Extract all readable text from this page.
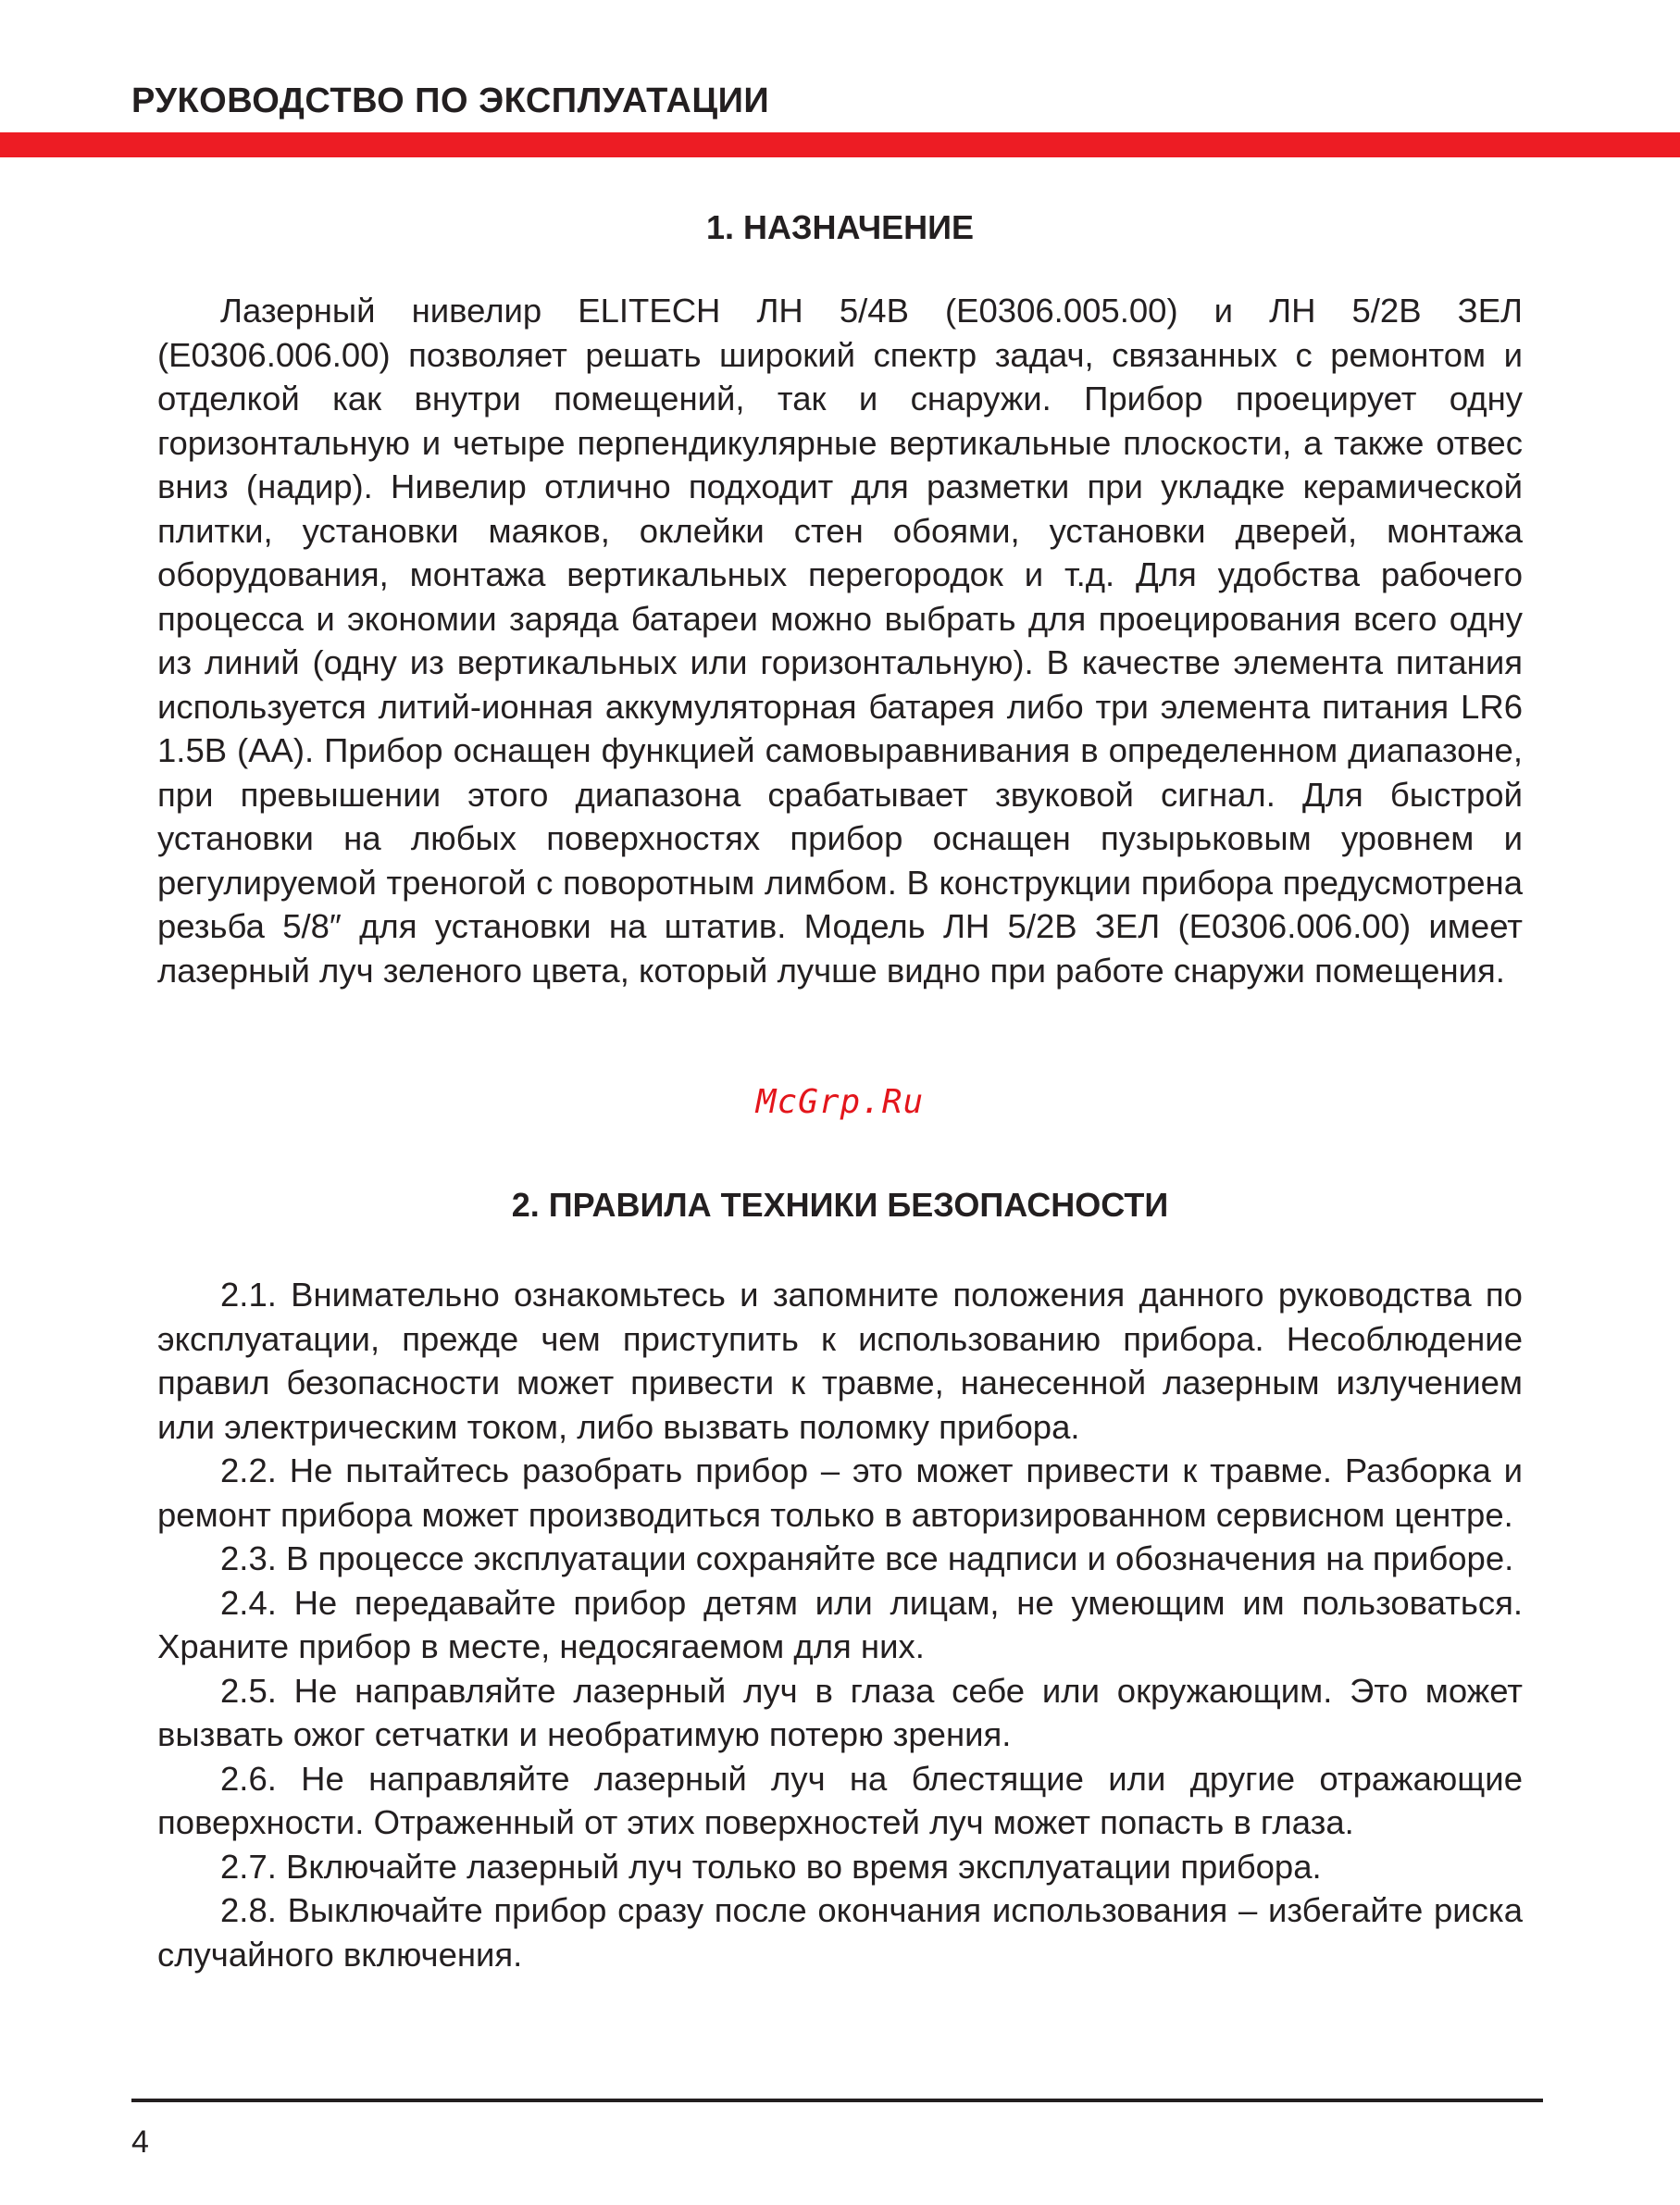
РУКОВОДСТВО ПО ЭКСПЛУАТАЦИИ
1. НАЗНАЧЕНИЕ

Лазерный нивелир ELITECH ЛН 5/4В (Е0306.005.00) и ЛН 5/2В ЗЕЛ (Е0306.006.00) позволяет решать широкий спектр задач, связанных с ремонтом и отделкой как внутри помещений, так и снаружи. Прибор проецирует одну горизонтальную и четыре перпендикулярные вертикальные плоскости, а также отвес вниз (надир). Нивелир отлично подходит для разметки при укладке керамической плитки, установки маяков, оклейки стен обоями, установки дверей, монтажа оборудования, монтажа вертикальных перегородок и т.д. Для удобства рабочего процесса и экономии заряда батареи можно выбрать для проецирования всего одну из линий (одну из вертикальных или горизонтальную). В качестве элемента питания используется литий-ионная аккумуляторная батарея либо три элемента питания LR6 1.5В (АА). Прибор оснащен функцией самовыравнивания в определенном диапазоне, при превышении этого диапазона срабатывает звуковой сигнал. Для быстрой установки на любых поверхностях прибор оснащен пузырьковым уровнем и регулируемой треногой с поворотным лимбом. В конструкции прибора предусмотрена резьба 5/8″ для установки на штатив. Модель ЛН 5/2В ЗЕЛ (Е0306.006.00) имеет лазерный луч зеленого цвета, который лучше видно при работе снаружи помещения.

McGrp.Ru
2. ПРАВИЛА ТЕХНИКИ БЕЗОПАСНОСТИ

2.1. Внимательно ознакомьтесь и запомните положения данного руководства по эксплуатации, прежде чем приступить к использованию прибора. Несоблюдение правил безопасности может привести к травме, нанесенной лазерным излучением или электрическим током, либо вызвать поломку прибора.

2.2. Не пытайтесь разобрать прибор – это может привести к травме. Разборка и ремонт прибора может производиться только в авторизированном сервисном центре.

2.3. В процессе эксплуатации сохраняйте все надписи и обозначения на приборе.

2.4. Не передавайте прибор детям или лицам, не умеющим им пользоваться. Храните прибор в месте, недосягаемом для них.

2.5. Не направляйте лазерный луч в глаза себе или окружающим. Это может вызвать ожог сетчатки и необратимую потерю зрения.

2.6. Не направляйте лазерный луч на блестящие или другие отражающие поверхности. Отраженный от этих поверхностей луч может попасть в глаза.

2.7. Включайте лазерный луч только во время эксплуатации прибора.

2.8. Выключайте прибор сразу после окончания использования – избегайте риска случайного включения.

4
